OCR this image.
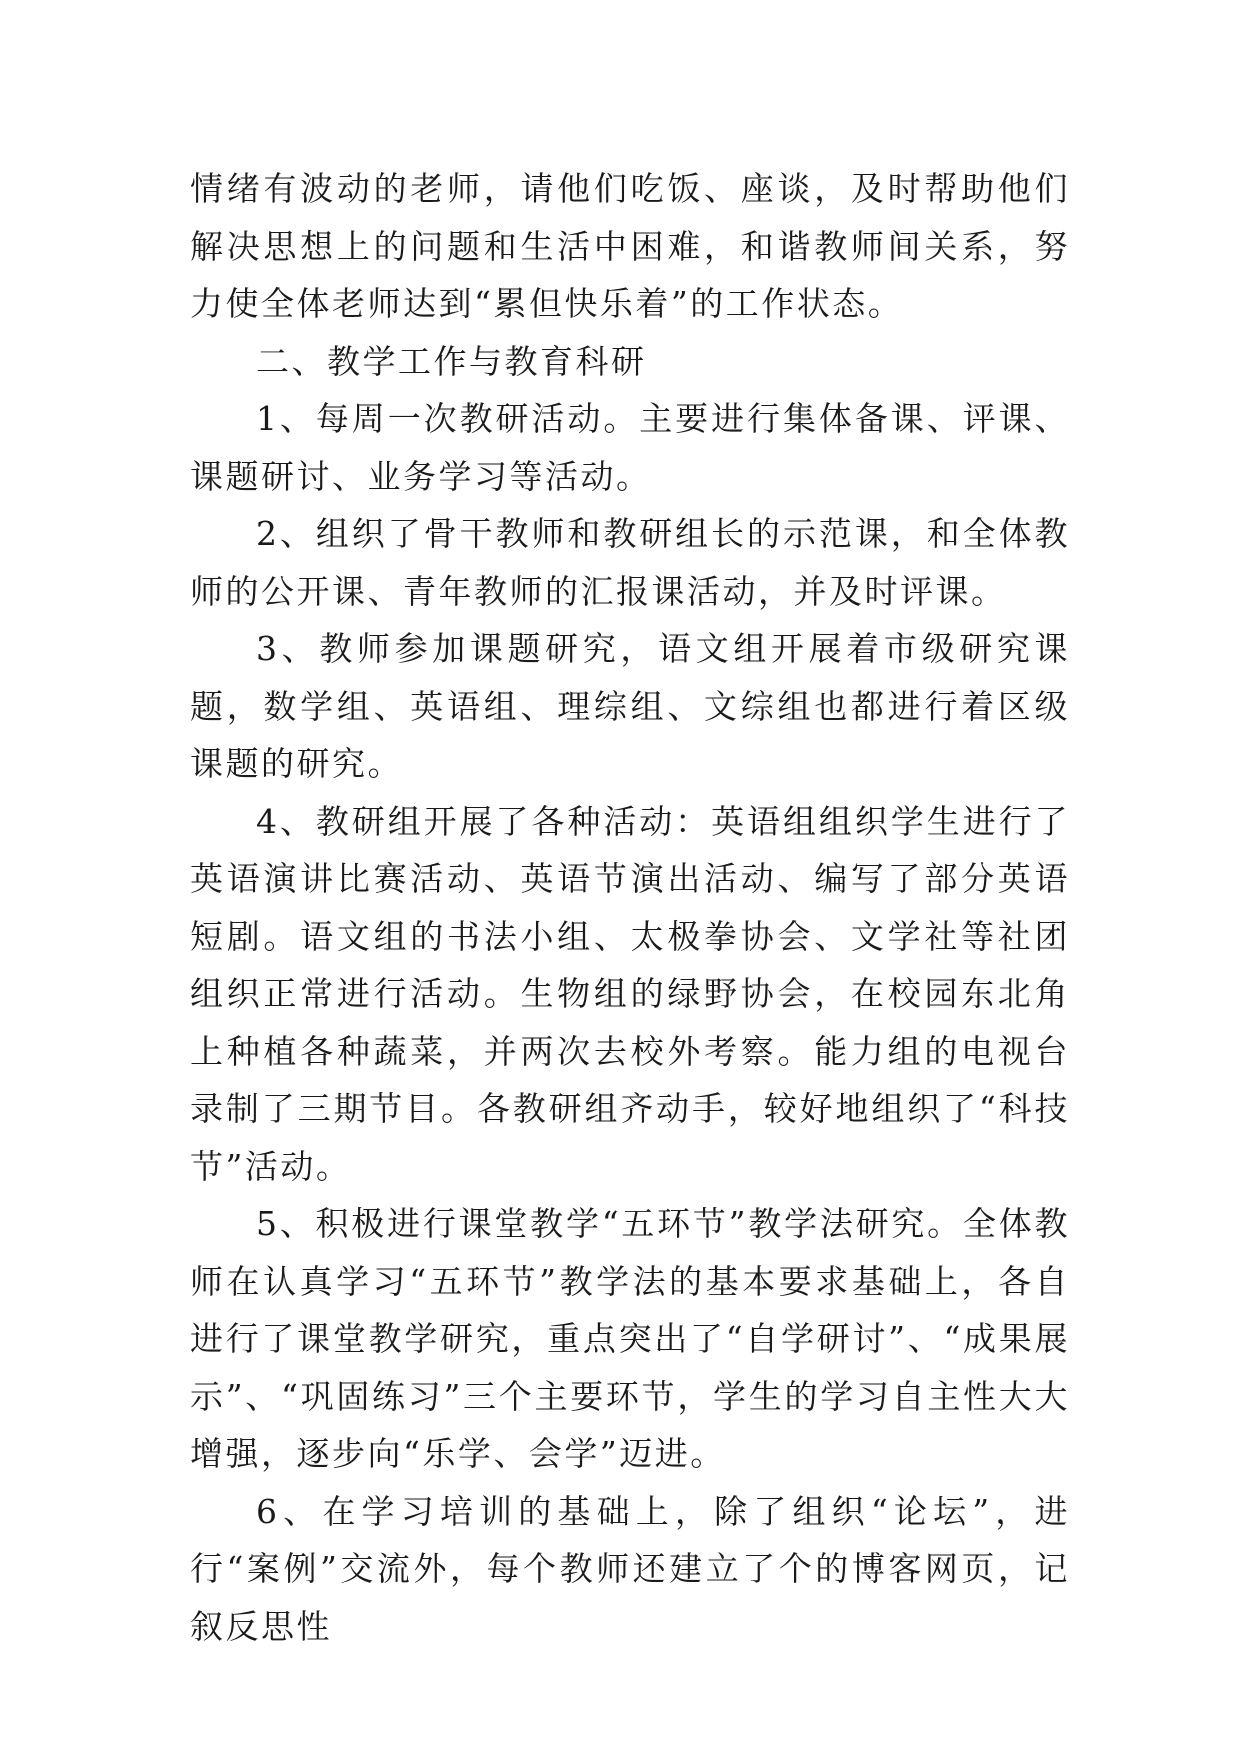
情绪有波动的老师，请他们吃饭、座谈，及时帮助他们解决思想上的问题和生活中困难，和谐教师间关系，努力使全体老师达到“累但快乐着”的工作状态。

二、教学工作与教育科研

1、每周一次教研活动。主要进行集体备课、评课、课题研讨、业务学习等活动。

2、组织了骨干教师和教研组长的示范课，和全体教师的公开课、青年教师的汇报课活动，并及时评课。

3、教师参加课题研究，语文组开展着市级研究课题，数学组、英语组、理综组、文综组也都进行着区级课题的研究。

4、教研组开展了各种活动：英语组组织学生进行了英语演讲比赛活动、英语节演出活动、编写了部分英语短剧。语文组的书法小组、太极拳协会、文学社等社团组织正常进行活动。生物组的绿野协会，在校园东北角上种植各种蔬菜，并两次去校外考察。能力组的电视台录制了三期节目。各教研组齐动手，较好地组织了“科技节”活动。

5、积极进行课堂教学“五环节”教学法研究。全体教师在认真学习“五环节”教学法的基本要求基础上，各自进行了课堂教学研究，重点突出了“自学研讨”、“成果展示”、“巩固练习”三个主要环节，学生的学习自主性大大增强，逐步向“乐学、会学”迈进。

6、在学习培训的基础上，除了组织“论坛”，进行“案例”交流外，每个教师还建立了个的博客网页，记叙反思性
